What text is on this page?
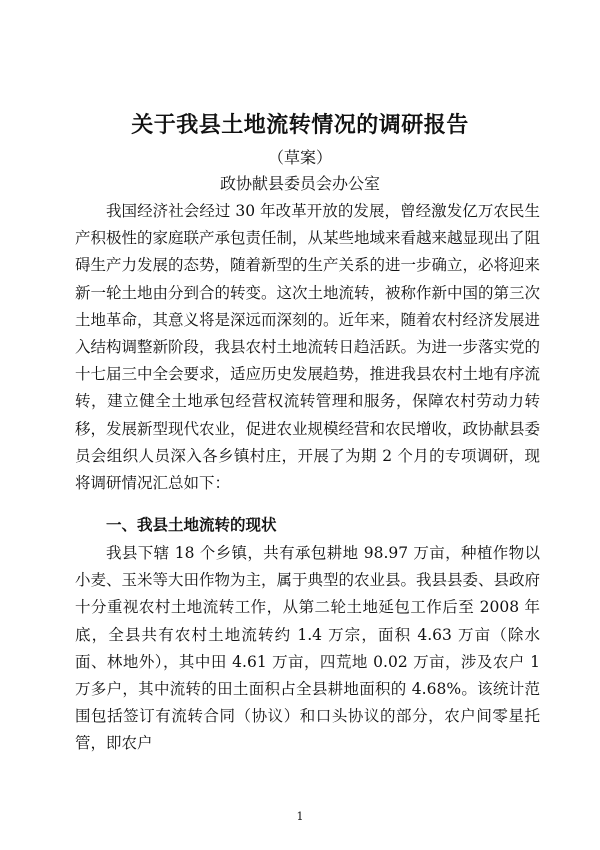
关于我县土地流转情况的调研报告
（草案）
政协献县委员会办公室

我国经济社会经过 30 年改革开放的发展，曾经激发亿万农民生产积极性的家庭联产承包责任制，从某些地域来看越来越显现出了阻碍生产力发展的态势，随着新型的生产关系的进一步确立，必将迎来新一轮土地由分到合的转变。这次土地流转，被称作新中国的第三次土地革命，其意义将是深远而深刻的。近年来，随着农村经济发展进入结构调整新阶段，我县农村土地流转日趋活跃。为进一步落实党的十七届三中全会要求，适应历史发展趋势，推进我县农村土地有序流转，建立健全土地承包经营权流转管理和服务，保障农村劳动力转移，发展新型现代农业，促进农业规模经营和农民增收，政协献县委员会组织人员深入各乡镇村庄，开展了为期 2 个月的专项调研，现将调研情况汇总如下：

一、我县土地流转的现状

我县下辖 18 个乡镇，共有承包耕地 98.97 万亩，种植作物以小麦、玉米等大田作物为主，属于典型的农业县。我县县委、县政府十分重视农村土地流转工作，从第二轮土地延包工作后至 2008 年底，全县共有农村土地流转约 1.4 万宗，面积 4.63 万亩（除水面、林地外），其中田 4.61 万亩，四荒地 0.02 万亩，涉及农户 1 万多户，其中流转的田土面积占全县耕地面积的 4.68%。该统计范围包括签订有流转合同（协议）和口头协议的部分，农户间零星托管，即农户

1
